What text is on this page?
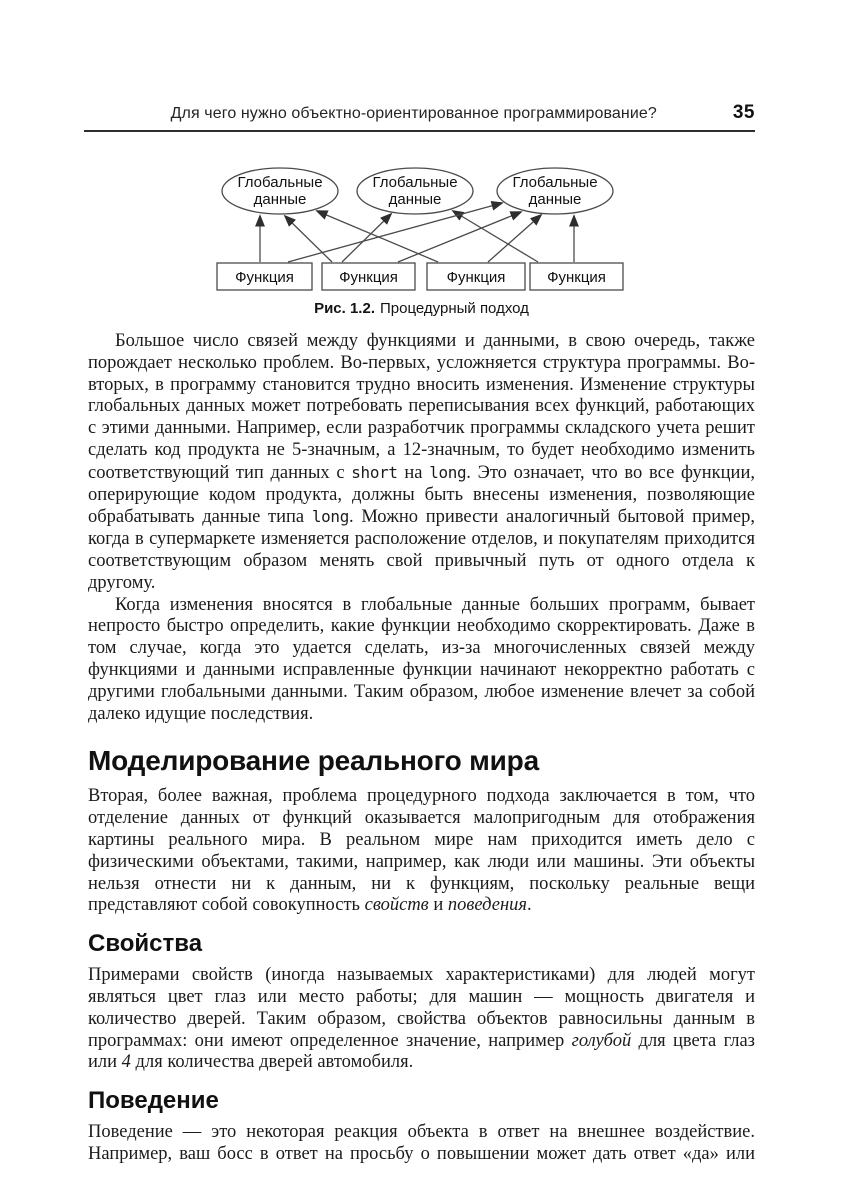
Для чего нужно объектно-ориентированное программирование?	35
Глобальные
данные
Глобальные
данные
Глобальные
данные
Функция	Функция	Функция	Функция
Рис. 1.2. Процедурный подход

Большое число связей между функциями и данными, в свою очередь, также порождает несколько проблем. Во-первых, усложняется структура программы. Во-вторых, в программу становится трудно вносить изменения. Изменение структуры глобальных данных может потребовать переписывания всех функций, работающих с этими данными. Например, если разработчик программы складского учета решит сделать код продукта не 5-значным, а 12-значным, то будет необходимо изменить соответствующий тип данных с short на long. Это означает, что во все функции, оперирующие кодом продукта, должны быть внесены изменения, позволяющие обрабатывать данные типа long. Можно привести аналогичный бытовой пример, когда в супермаркете изменяется расположение отделов, и покупателям приходится соответствующим образом менять свой привычный путь от одного отдела к другому.

Когда изменения вносятся в глобальные данные больших программ, бывает непросто быстро определить, какие функции необходимо скорректировать. Даже в том случае, когда это удается сделать, из-за многочисленных связей между функциями и данными исправленные функции начинают некорректно работать с другими глобальными данными. Таким образом, любое изменение влечет за собой далеко идущие последствия.

Моделирование реального мира

Вторая, более важная, проблема процедурного подхода заключается в том, что отделение данных от функций оказывается малопригодным для отображения картины реального мира. В реальном мире нам приходится иметь дело с физическими объектами, такими, например, как люди или машины. Эти объекты нельзя отнести ни к данным, ни к функциям, поскольку реальные вещи представляют собой совокупность свойств и поведения.

Свойства

Примерами свойств (иногда называемых характеристиками) для людей могут являться цвет глаз или место работы; для машин — мощность двигателя и количество дверей. Таким образом, свойства объектов равносильны данным в программах: они имеют определенное значение, например голубой для цвета глаз или 4 для количества дверей автомобиля.

Поведение

Поведение — это некоторая реакция объекта в ответ на внешнее воздействие. Например, ваш босс в ответ на просьбу о повышении может дать ответ «да» или
